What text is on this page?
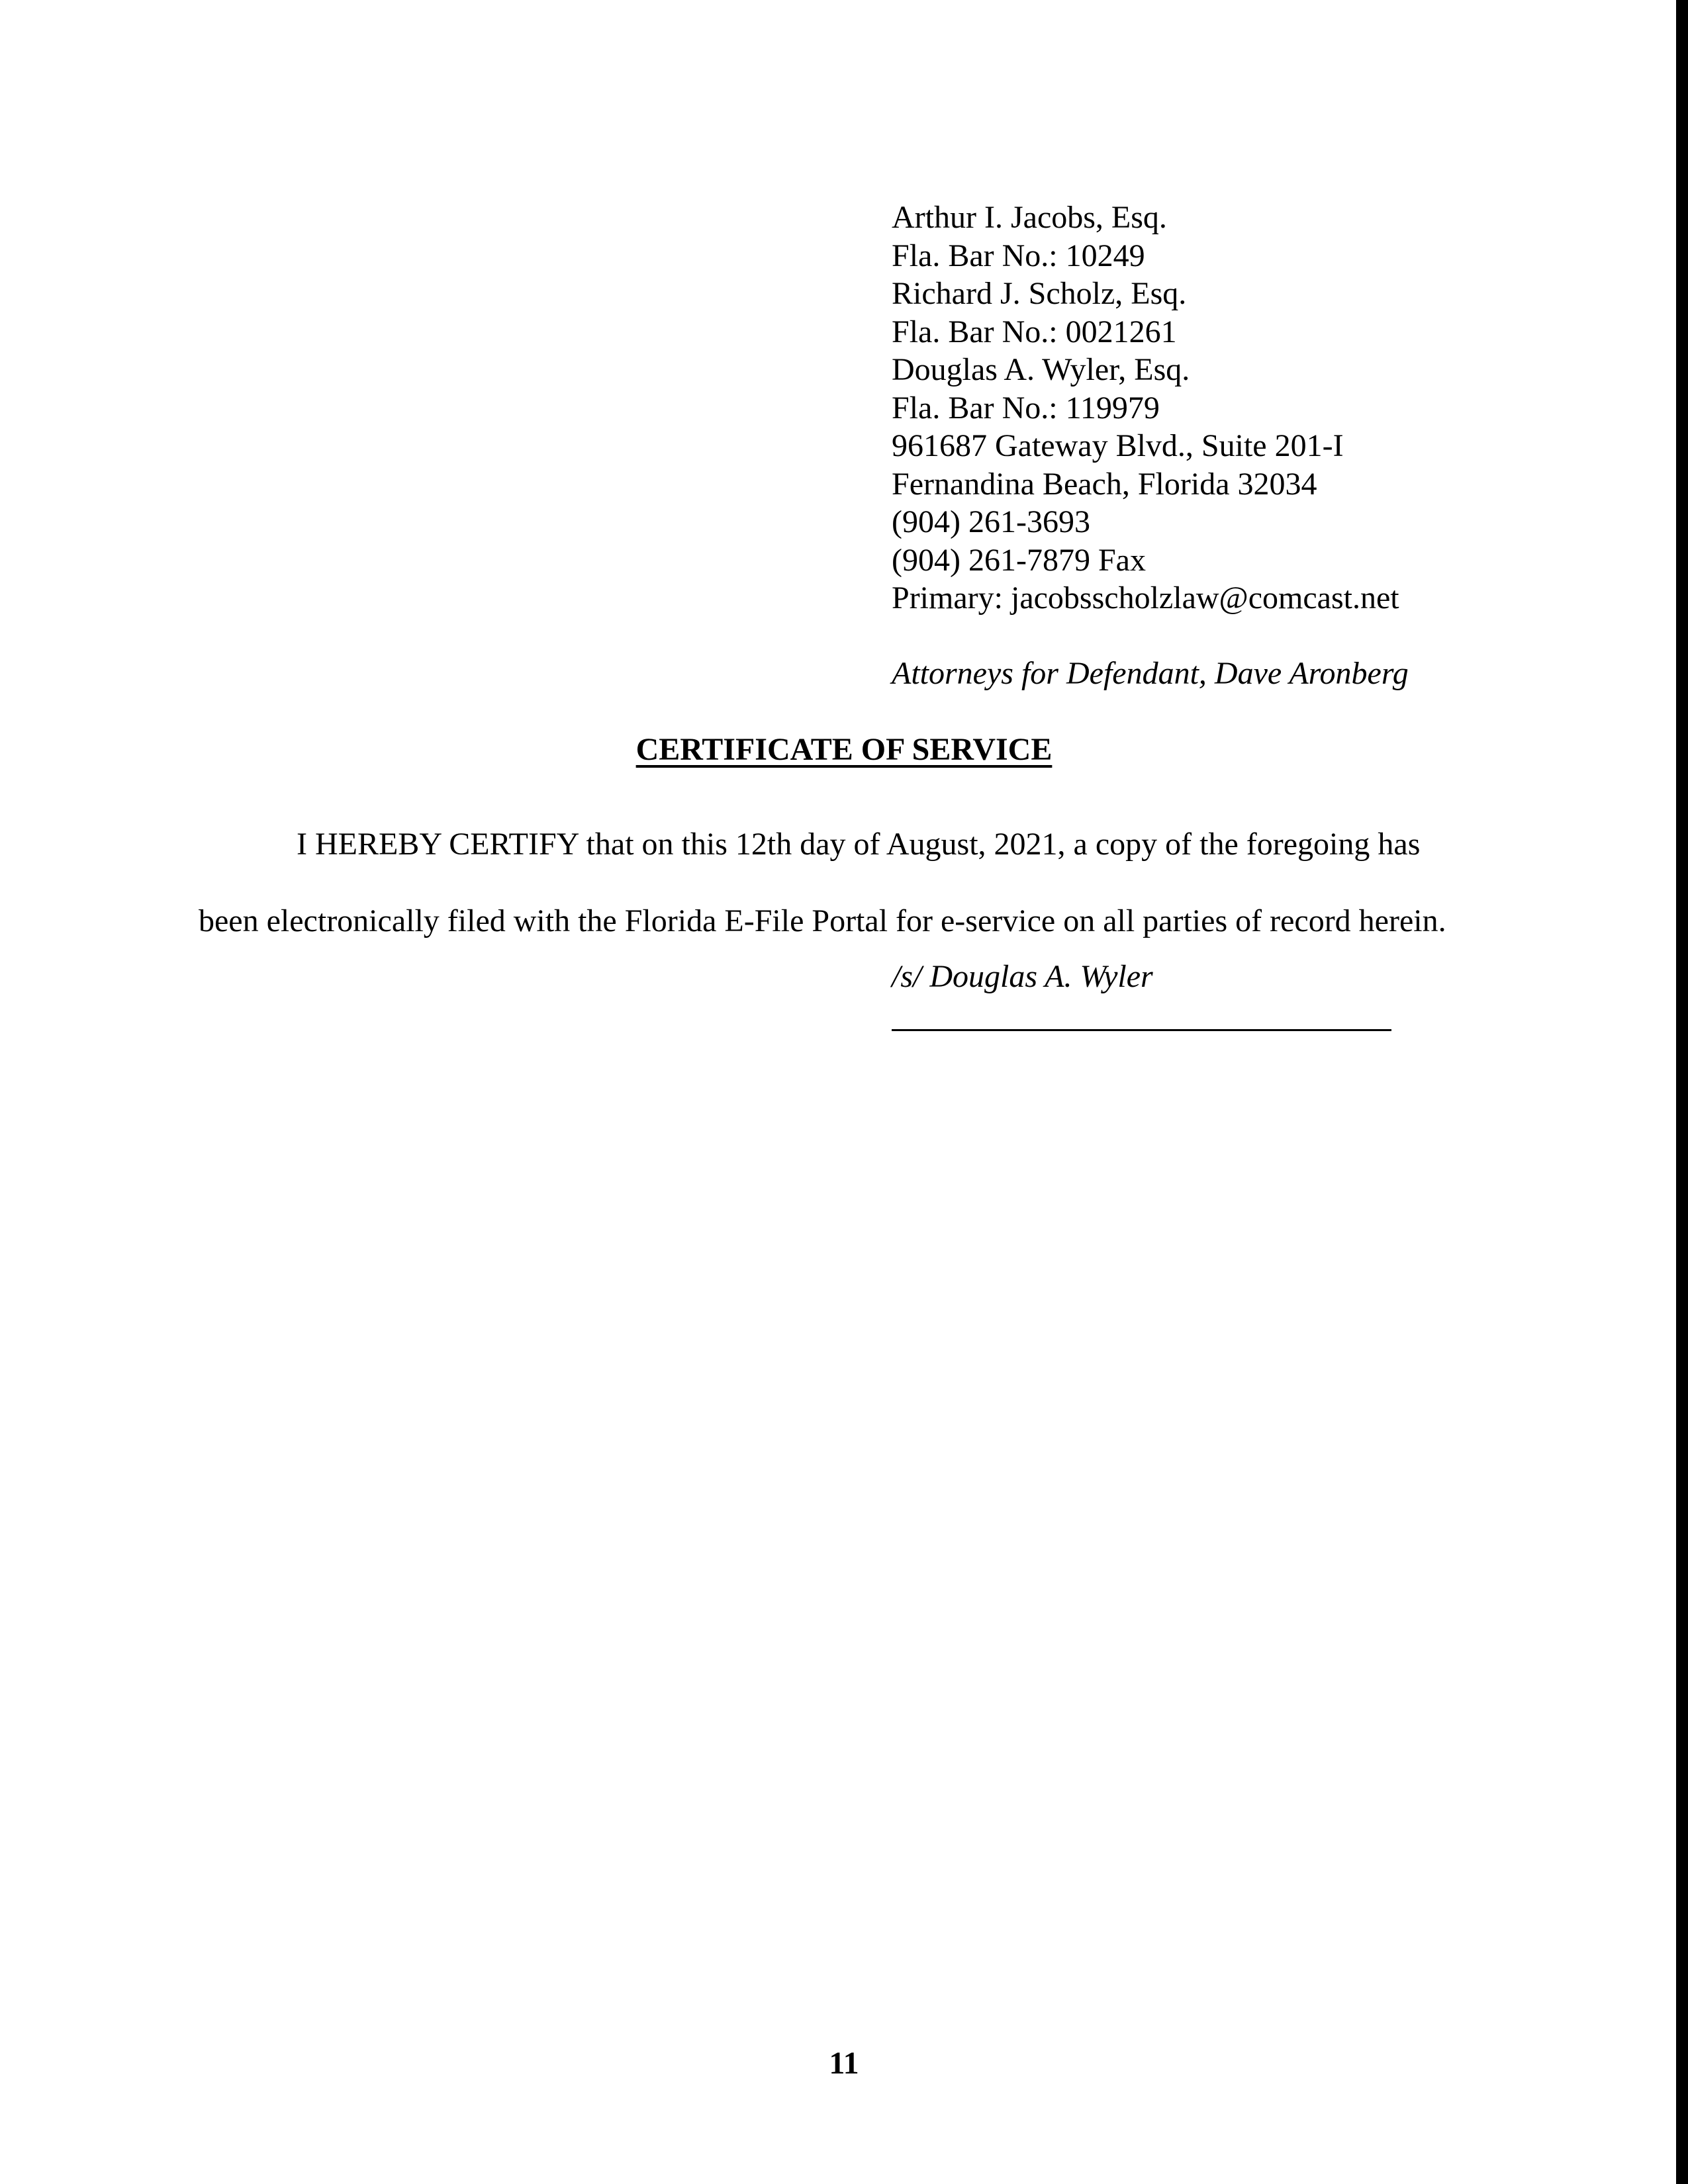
Arthur I. Jacobs, Esq.
Fla. Bar No.: 10249
Richard J. Scholz, Esq.
Fla. Bar No.: 0021261
Douglas A. Wyler, Esq.
Fla. Bar No.: 119979
961687 Gateway Blvd., Suite 201-I
Fernandina Beach, Florida 32034
(904) 261-3693
(904) 261-7879 Fax
Primary: jacobsscholzlaw@comcast.net
Attorneys for Defendant, Dave Aronberg
CERTIFICATE OF SERVICE
I HEREBY CERTIFY that on this 12th day of August, 2021, a copy of the foregoing has
been electronically filed with the Florida E-File Portal for e-service on all parties of record herein.
/s/ Douglas A. Wyler
11
